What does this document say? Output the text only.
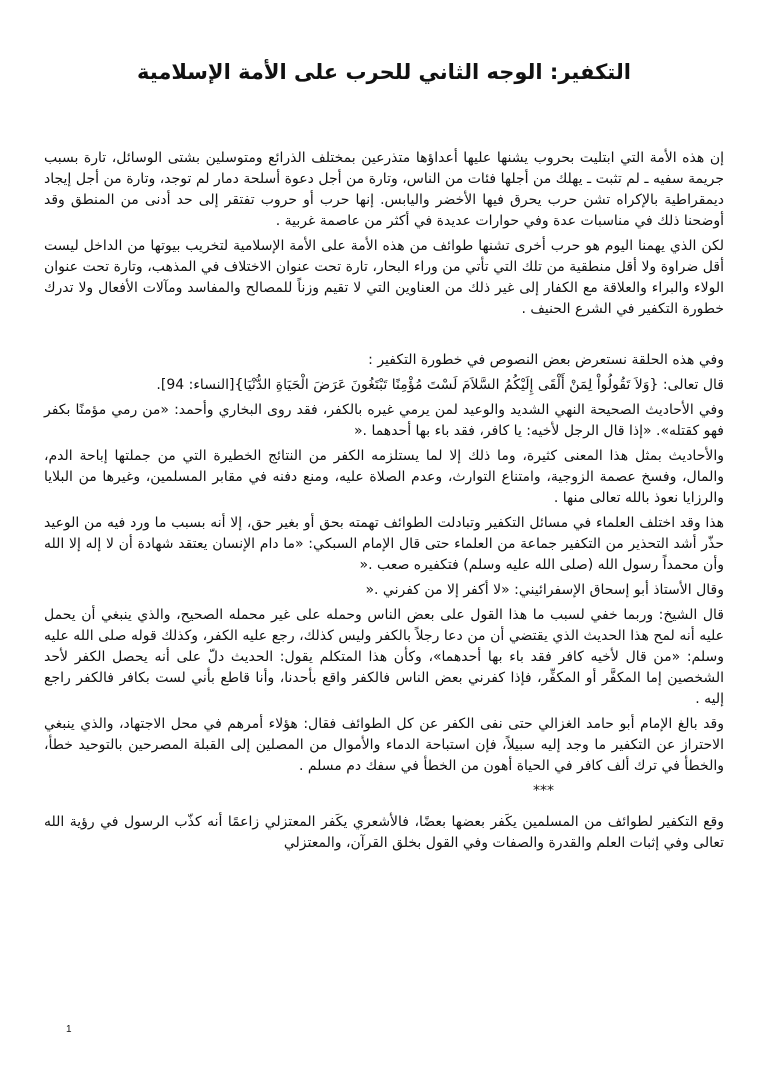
التكفير: الوجه الثاني للحرب على الأمة الإسلامية

إن هذه الأمة التي ابتليت بحروب يشنها عليها أعداؤها متذرعين بمختلف الذرائع ومتوسلين بشتى الوسائل، تارة بسبب جريمة سفيه ـ لم تثبت ـ يهلك من أجلها فئات من الناس، وتارة من أجل دعوة أسلحة دمار لم توجد، وتارة من أجل إيجاد ديمقراطية بالإكراه تشن حرب يحرق فيها الأخضر واليابس. إنها حرب أو حروب تفتقر إلى حد أدنى من المنطق وقد أوضحنا ذلك في مناسبات عدة وفي حوارات عديدة في أكثر من عاصمة غربية .

لكن الذي يهمنا اليوم هو حرب أخرى تشنها طوائف من هذه الأمة على الأمة الإسلامية لتخريب بيوتها من الداخل ليست أقل ضراوة ولا أقل منطقية من تلك التي تأتي من وراء البحار، تارة تحت عنوان الاختلاف في المذهب، وتارة تحت عنوان الولاء والبراء والعلاقة مع الكفار إلى غير ذلك من العناوين التي لا تقيم وزناً للمصالح والمفاسد ومآلات الأفعال ولا تدرك خطورة التكفير في الشرع الحنيف .

وفي هذه الحلقة نستعرض بعض النصوص في خطورة التكفير :

قال تعالى: {وَلاَ تَقُولُواْ لِمَنْ أَلْقَى إِلَيْكُمُ السَّلاَمَ لَسْتَ مُؤْمِنًا تَبْتَغُونَ عَرَضَ الْحَيَاةِ الدُّنْيَا}[النساء: 94].

وفي الأحاديث الصحيحة النهي الشديد والوعيد لمن يرمي غيره بالكفر، فقد روى البخاري وأحمد: «من رمي مؤمنًا بكفر فهو كقتله». «إذا قال الرجل لأخيه: يا كافر، فقد باء بها أحدهما .«

والأحاديث بمثل هذا المعنى كثيرة، وما ذلك إلا لما يستلزمه الكفر من النتائج الخطيرة التي من جملتها إباحة الدم، والمال، وفسخ عصمة الزوجية، وامتناع التوارث، وعدم الصلاة عليه، ومنع دفنه في مقابر المسلمين، وغيرها من البلايا والرزايا نعوذ بالله تعالى منها .

هذا وقد اختلف العلماء في مسائل التكفير وتبادلت الطوائف تهمته بحق أو بغير حق، إلا أنه بسبب ما ورد فيه من الوعيد حذّر أشد التحذير من التكفير جماعة من العلماء حتى قال الإمام السبكي: «ما دام الإنسان يعتقد شهادة أن لا إله إلا الله وأن محمداً رسول الله (صلى الله عليه وسلم) فتكفيره صعب .«

وقال الأستاذ أبو إسحاق الإسفرائيني: «لا أكفر إلا من كفرني .«

قال الشيخ: وربما خفي لسبب ما هذا القول على بعض الناس وحمله على غير محمله الصحيح، والذي ينبغي أن يحمل عليه أنه لمح هذا الحديث الذي يقتضي أن من دعا رجلاً بالكفر وليس كذلك، رجع عليه الكفر، وكذلك قوله صلى الله عليه وسلم: «من قال لأخيه كافر فقد باء بها أحدهما»، وكأن هذا المتكلم يقول: الحديث دلّ على أنه يحصل الكفر لأحد الشخصين إما المكفَّر أو المكفِّر، فإذا كفرني بعض الناس فالكفر واقع بأحدنا، وأنا قاطع بأني لست بكافر فالكفر راجع إليه .

وقد بالغ الإمام أبو حامد الغزالي حتى نفى الكفر عن كل الطوائف فقال: هؤلاء أمرهم في محل الاجتهاد، والذي ينبغي الاحتراز عن التكفير ما وجد إليه سبيلاً، فإن استباحة الدماء والأموال من المصلين إلى القبلة المصرحين بالتوحيد خطأ، والخطأ في ترك ألف كافر في الحياة أهون من الخطأ في سفك دم مسلم .

***

وقع التكفير لطوائف من المسلمين يكَفر بعضها بعضًا، فالأشعري يكَفر المعتزلي زاعمًا أنه كذّب الرسول في رؤية الله تعالى وفي إثبات العلم والقدرة والصفات وفي القول بخلق القرآن، والمعتزلي

1
